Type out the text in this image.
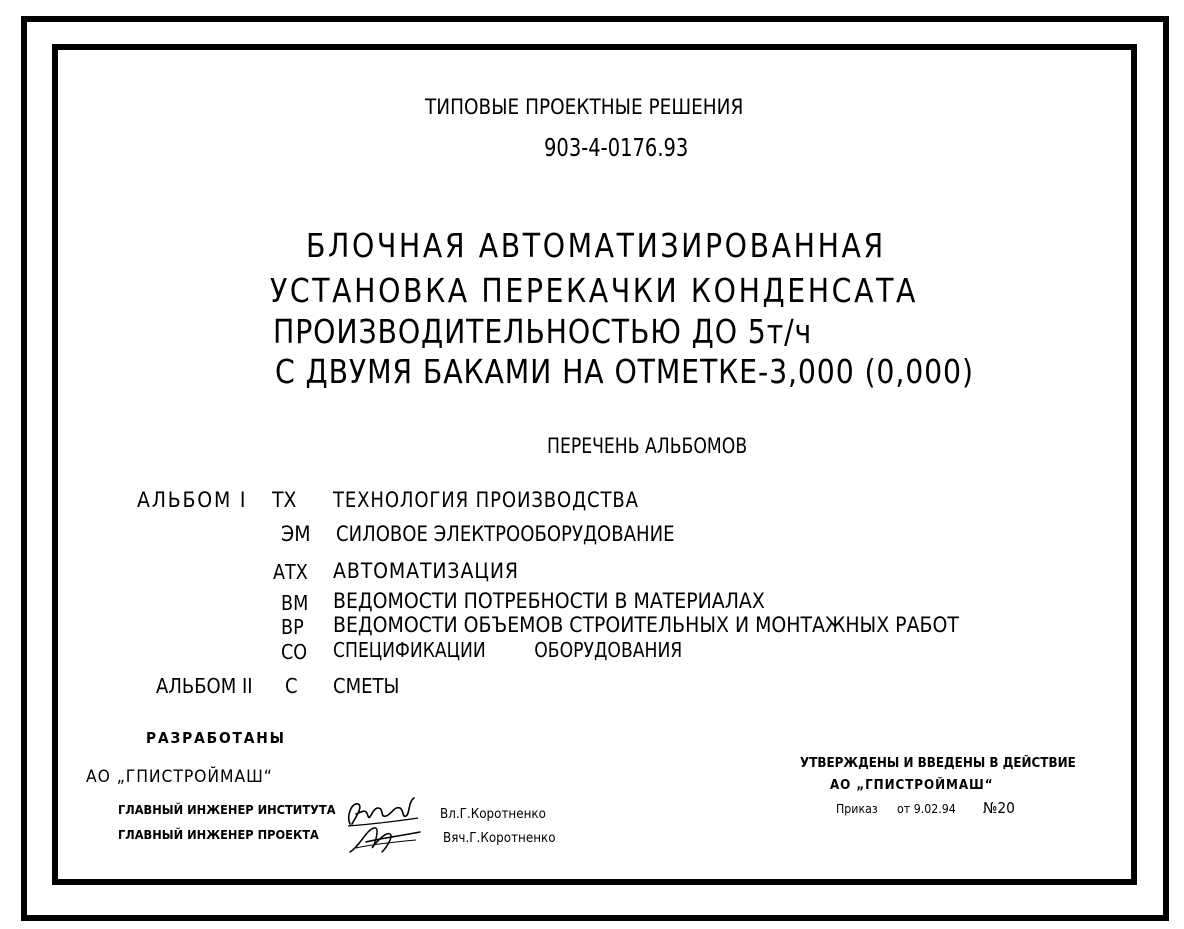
ТИПОВЫЕ ПРОЕКТНЫЕ РЕШЕНИЯ
903-4-0176.93
БЛОЧНАЯ АВТОМАТИЗИРОВАННАЯ
УСТАНОВКА ПЕРЕКАЧКИ КОНДЕНСАТА
ПРОИЗВОДИТЕЛЬНОСТЬЮ ДО 5т/ч
С ДВУМЯ БАКАМИ НА ОТМЕТКЕ-3,000 (0,000)
ПЕРЕЧЕНЬ АЛЬБОМОВ
АЛЬБОМ I ТХ ТЕХНОЛОГИЯ ПРОИЗВОДСТВА
ЭМ СИЛОВОЕ ЭЛЕКТРООБОРУДОВАНИЕ
АТХ АВТОМАТИЗАЦИЯ
ВМ ВЕДОМОСТИ ПОТРЕБНОСТИ В МАТЕРИАЛАХ
ВР ВЕДОМОСТИ ОБЪЕМОВ СТРОИТЕЛЬНЫХ И МОНТАЖНЫХ РАБОТ
СО СПЕЦИФИКАЦИИ ОБОРУДОВАНИЯ
АЛЬБОМ II С СМЕТЫ
РАЗРАБОТАНЫ
АО „ГПИСТРОЙМАШ“
ГЛАВНЫЙ ИНЖЕНЕР ИНСТИТУТА
ГЛАВНЫЙ ИНЖЕНЕР ПРОЕКТА
Вл.Г.Коротненко
Вяч.Г.Коротненко
УТВЕРЖДЕНЫ И ВВЕДЕНЫ В ДЕЙСТВИЕ
АО „ГПИСТРОЙМАШ“
Приказ от 9.02.94 №20
